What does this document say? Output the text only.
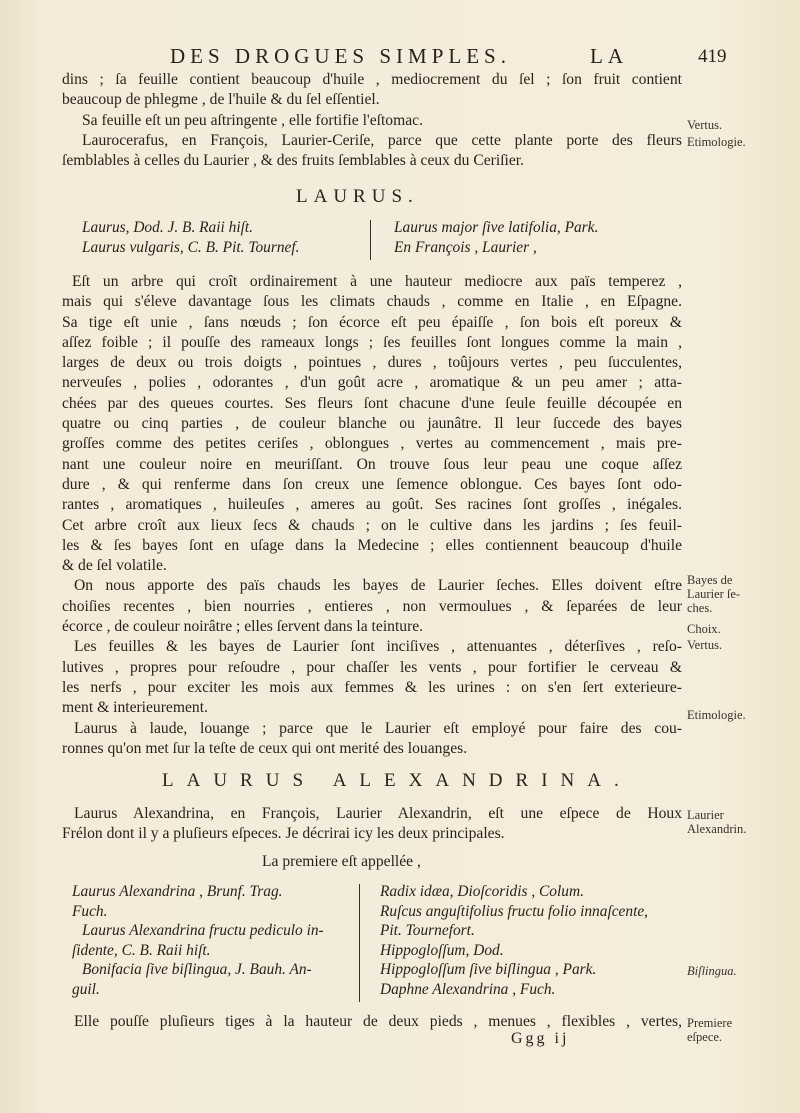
DES DROGUES SIMPLES.	LA	419
dins ; ſa feuille contient beaucoup d'huile , mediocrement du ſel ; ſon fruit contient
beaucoup de phlegme , de l'huile & du ſel eſſentiel.
Sa feuille eſt un peu aſtringente , elle fortifie l'eſtomac.
Laurocerafus, en François, Laurier-Ceriſe, parce que cette plante porte des fleurs
ſemblables à celles du Laurier , & des fruits ſemblables à ceux du Ceriſier.
LAURUS.
Laurus, Dod. J. B. Raii hiſt.
Laurus vulgaris, C. B. Pit. Tournef.
Laurus major ſive latifolia, Park.
En François , Laurier ,
Eſt un arbre qui croît ordinairement à une hauteur mediocre aux païs temperez ,
mais qui s'éleve davantage ſous les climats chauds , comme en Italie , en Eſpagne.
Sa tige eſt unie , ſans nœuds ; ſon écorce eſt peu épaiſſe , ſon bois eſt poreux &
aſſez foible ; il pouſſe des rameaux longs ; ſes feuilles ſont longues comme la main ,
larges de deux ou trois doigts , pointues , dures , toûjours vertes , peu ſucculentes,
nerveuſes , polies , odorantes , d'un goût acre , aromatique & un peu amer ; atta-
chées par des queues courtes. Ses fleurs ſont chacune d'une ſeule feuille découpée en
quatre ou cinq parties , de couleur blanche ou jaunâtre. Il leur ſuccede des bayes
groſſes comme des petites ceriſes , oblongues , vertes au commencement , mais pre-
nant une couleur noire en meuriſſant. On trouve ſous leur peau une coque aſſez
dure , & qui renferme dans ſon creux une ſemence oblongue. Ces bayes ſont odo-
rantes , aromatiques , huileuſes , ameres au goût. Ses racines ſont groſſes , inégales.
Cet arbre croît aux lieux ſecs & chauds ; on le cultive dans les jardins ; ſes feuil-
les & ſes bayes ſont en uſage dans la Medecine ; elles contiennent beaucoup d'huile
& de ſel volatile.
On nous apporte des païs chauds les bayes de Laurier ſeches. Elles doivent eſtre
choiſies recentes , bien nourries , entieres , non vermoulues , & ſeparées de leur
écorce , de couleur noirâtre ; elles ſervent dans la teinture.
Les feuilles & les bayes de Laurier ſont inciſives , attenuantes , déterſives , reſo-
lutives , propres pour reſoudre , pour chaſſer les vents , pour fortifier le cerveau &
les nerfs , pour exciter les mois aux femmes & les urines : on s'en ſert exterieure-
ment & interieurement.
Laurus à laude, louange ; parce que le Laurier eſt employé pour faire des cou-
ronnes qu'on met ſur la teſte de ceux qui ont merité des louanges.
LAURUS ALEXANDRINA.
Laurus Alexandrina, en François, Laurier Alexandrin, eſt une eſpece de Houx
Frélon dont il y a pluſieurs eſpeces. Je décrirai icy les deux principales.
La premiere eſt appellée ,
Laurus Alexandrina , Brunf. Trag.
Fuch.
Laurus Alexandrina fructu pediculo in-
ſidente, C. B. Raii hiſt.
Bonifacia ſive biſlingua, J. Bauh. An-
guil.
Radix idæa, Dioſcoridis , Colum.
Ruſcus anguſtifolius fructu folio innaſcente,
Pit. Tournefort.
Hippogloſſum, Dod.
Hippogloſſum ſive biſlingua , Park.
Daphne Alexandrina , Fuch.
Elle pouſſe pluſieurs tiges à la hauteur de deux pieds , menues , flexibles , vertes,
Ggg ij
Vertus.
Etimologie.
Bayes de
Laurier ſe-
ches.
Choix.
Vertus.
Etimologie.
Laurier
Alexandrin.
Biſlingua.
Premiere
eſpece.
